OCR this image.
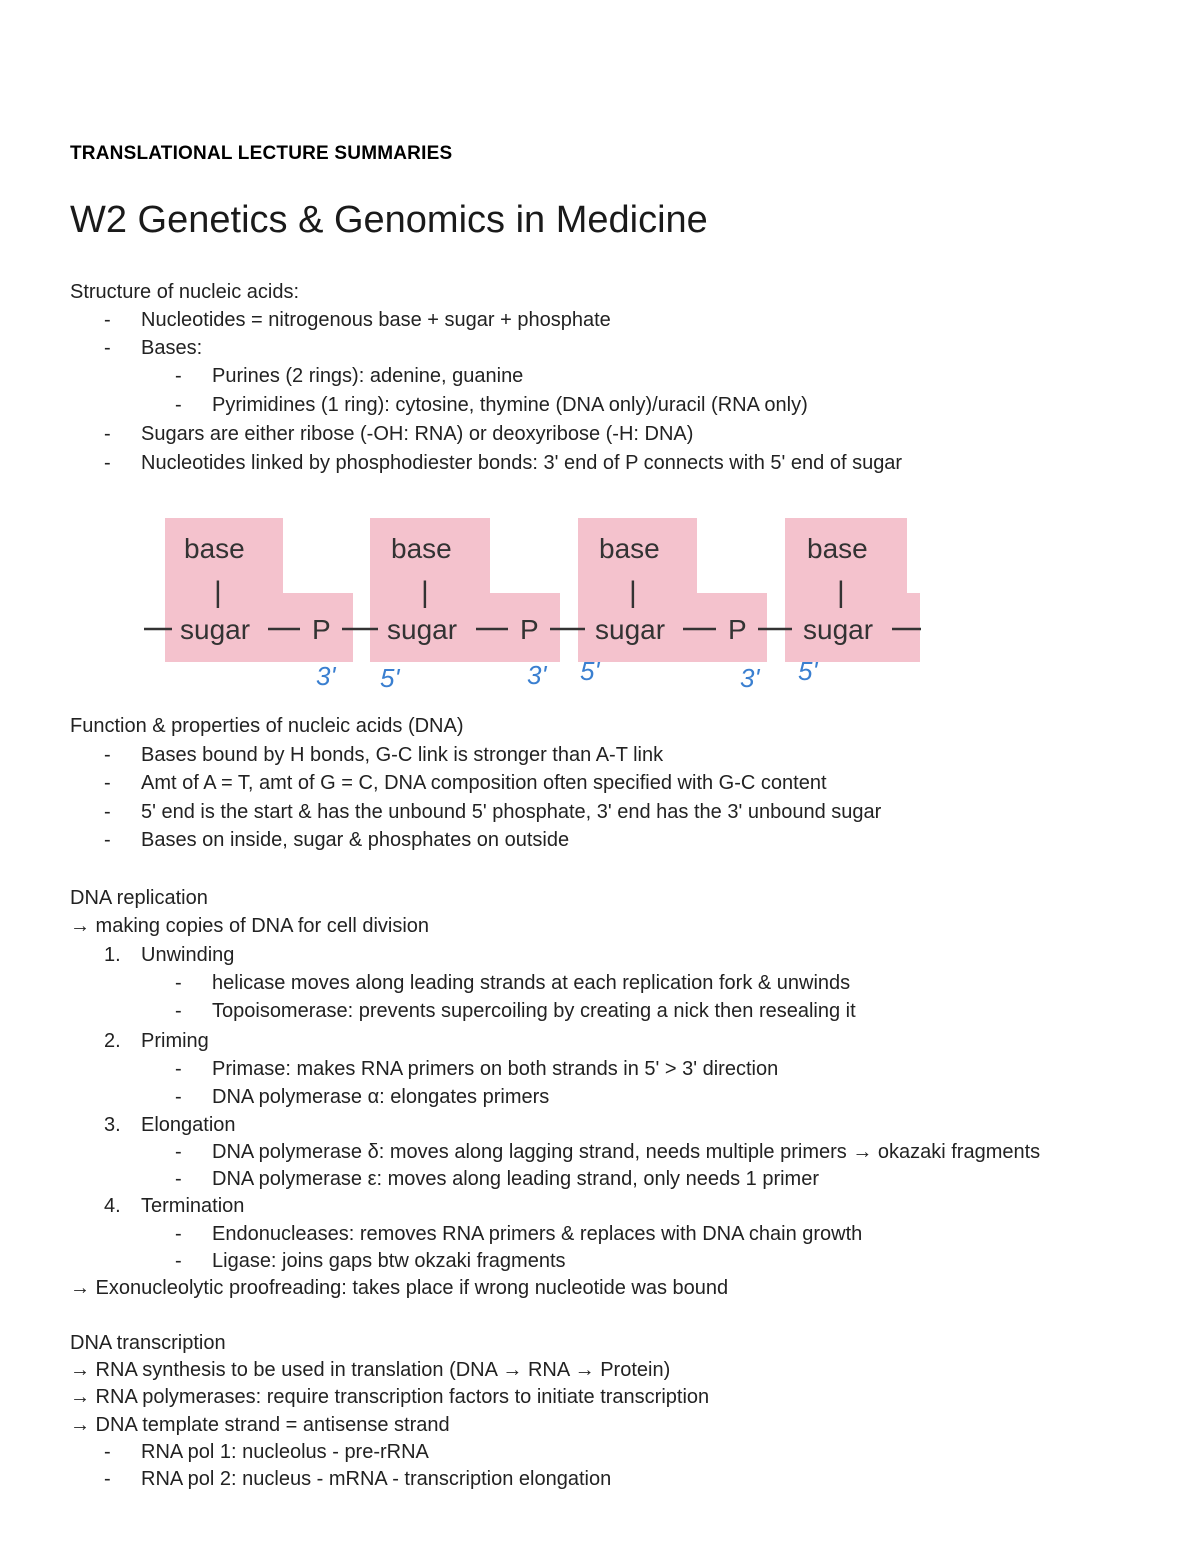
TRANSLATIONAL LECTURE SUMMARIES
W2 Genetics & Genomics in Medicine
Structure of nucleic acids:
- Nucleotides = nitrogenous base + sugar + phosphate
- Bases:
- Purines (2 rings): adenine, guanine
- Pyrimidines (1 ring): cytosine, thymine (DNA only)/uracil (RNA only)
- Sugars are either ribose (-OH: RNA) or deoxyribose (-H: DNA)
- Nucleotides linked by phosphodiester bonds: 3' end of P connects with 5' end of sugar
base	base	base	base
|	|	|	|
sugar	sugar	sugar	sugar
P	P	P
3' 5'	3' 5'	3' 5'
Function & properties of nucleic acids (DNA)
- Bases bound by H bonds, G-C link is stronger than A-T link
- Amt of A = T, amt of G = C, DNA composition often specified with G-C content
- 5' end is the start & has the unbound 5' phosphate, 3' end has the 3' unbound sugar
- Bases on inside, sugar & phosphates on outside
DNA replication
→ making copies of DNA for cell division
1. Unwinding
- helicase moves along leading strands at each replication fork & unwinds
- Topoisomerase: prevents supercoiling by creating a nick then resealing it
2. Priming
- Primase: makes RNA primers on both strands in 5' > 3' direction
- DNA polymerase α: elongates primers
3. Elongation
- DNA polymerase δ: moves along lagging strand, needs multiple primers → okazaki fragments
- DNA polymerase ε: moves along leading strand, only needs 1 primer
4. Termination
- Endonucleases: removes RNA primers & replaces with DNA chain growth
- Ligase: joins gaps btw okzaki fragments
→ Exonucleolytic proofreading: takes place if wrong nucleotide was bound
DNA transcription
→ RNA synthesis to be used in translation (DNA → RNA → Protein)
→ RNA polymerases: require transcription factors to initiate transcription
→ DNA template strand = antisense strand
- RNA pol 1: nucleolus - pre-rRNA
- RNA pol 2: nucleus - mRNA - transcription elongation
